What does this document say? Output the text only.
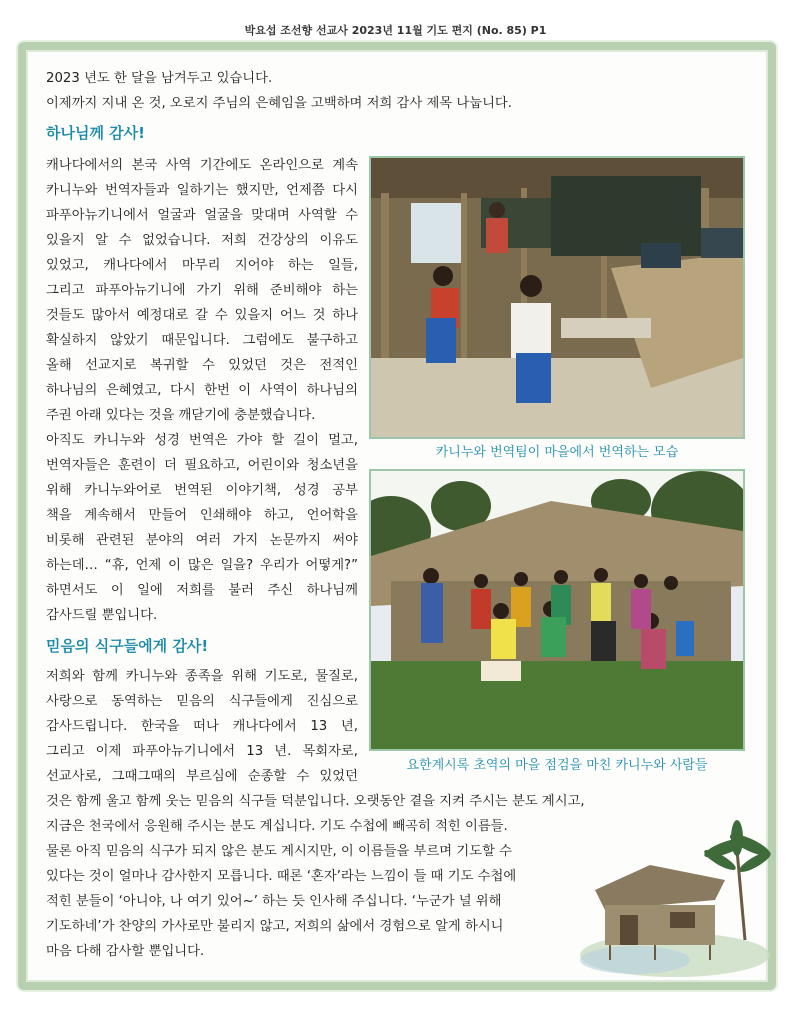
박요섭 조선향 선교사 2023년 11월 기도 편지 (No. 85) P1

2023 년도 한 달을 남겨두고 있습니다.

이제까지 지내 온 것, 오로지 주님의 은혜임을 고백하며 저희 감사 제목 나눕니다.

하나님께 감사!
캐나다에서의 본국 사역 기간에도 온라인으로 계속
카니누와 번역자들과 일하기는 했지만, 언제쯤 다시
파푸아뉴기니에서 얼굴과 얼굴을 맞대며 사역할 수
있을지 알 수 없었습니다. 저희 건강상의 이유도
있었고, 캐나다에서 마무리 지어야 하는 일들,
그리고 파푸아뉴기니에 가기 위해 준비해야 하는
것들도 많아서 예정대로 갈 수 있을지 어느 것 하나
확실하지 않았기 때문입니다. 그럼에도 불구하고
올해 선교지로 복귀할 수 있었던 것은 전적인
하나님의 은혜였고, 다시 한번 이 사역이 하나님의
주권 아래 있다는 것을 깨닫기에 충분했습니다.
아직도 카니누와 성경 번역은 가야 할 길이 멀고,
번역자들은 훈련이 더 필요하고, 어린이와 청소년을
위해 카니누와어로 번역된 이야기책, 성경 공부
책을 계속해서 만들어 인쇄해야 하고, 언어학을
비롯해 관련된 분야의 여러 가지 논문까지 써야
하는데… “휴, 언제 이 많은 일을? 우리가 어떻게?”
하면서도 이 일에 저희를 불러 주신 하나님께
감사드릴 뿐입니다.
믿음의 식구들에게 감사!
저희와 함께 카니누와 종족을 위해 기도로, 물질로,
사랑으로 동역하는 믿음의 식구들에게 진심으로
감사드립니다. 한국을 떠나 캐나다에서 13 년,
그리고 이제 파푸아뉴기니에서 13 년. 목회자로,
선교사로, 그때그때의 부르심에 순종할 수 있었던
것은 함께 울고 함께 웃는 믿음의 식구들 덕분입니다. 오랫동안 곁을 지켜 주시는 분도 계시고,
지금은 천국에서 응원해 주시는 분도 계십니다. 기도 수첩에 빼곡히 적힌 이름들.
물론 아직 믿음의 식구가 되지 않은 분도 계시지만, 이 이름들을 부르며 기도할 수
있다는 것이 얼마나 감사한지 모릅니다. 때론 ‘혼자’라는 느낌이 들 때 기도 수첩에
적힌 분들이 ‘아니야, 나 여기 있어~’ 하는 듯 인사해 주십니다. ‘누군가 널 위해
기도하네’가 찬양의 가사로만 불리지 않고, 저희의 삶에서 경험으로 알게 하시니
마음 다해 감사할 뿐입니다.
카니누와 번역팀이 마을에서 번역하는 모습
요한계시록 초역의 마을 점검을 마친 카니누와 사람들
